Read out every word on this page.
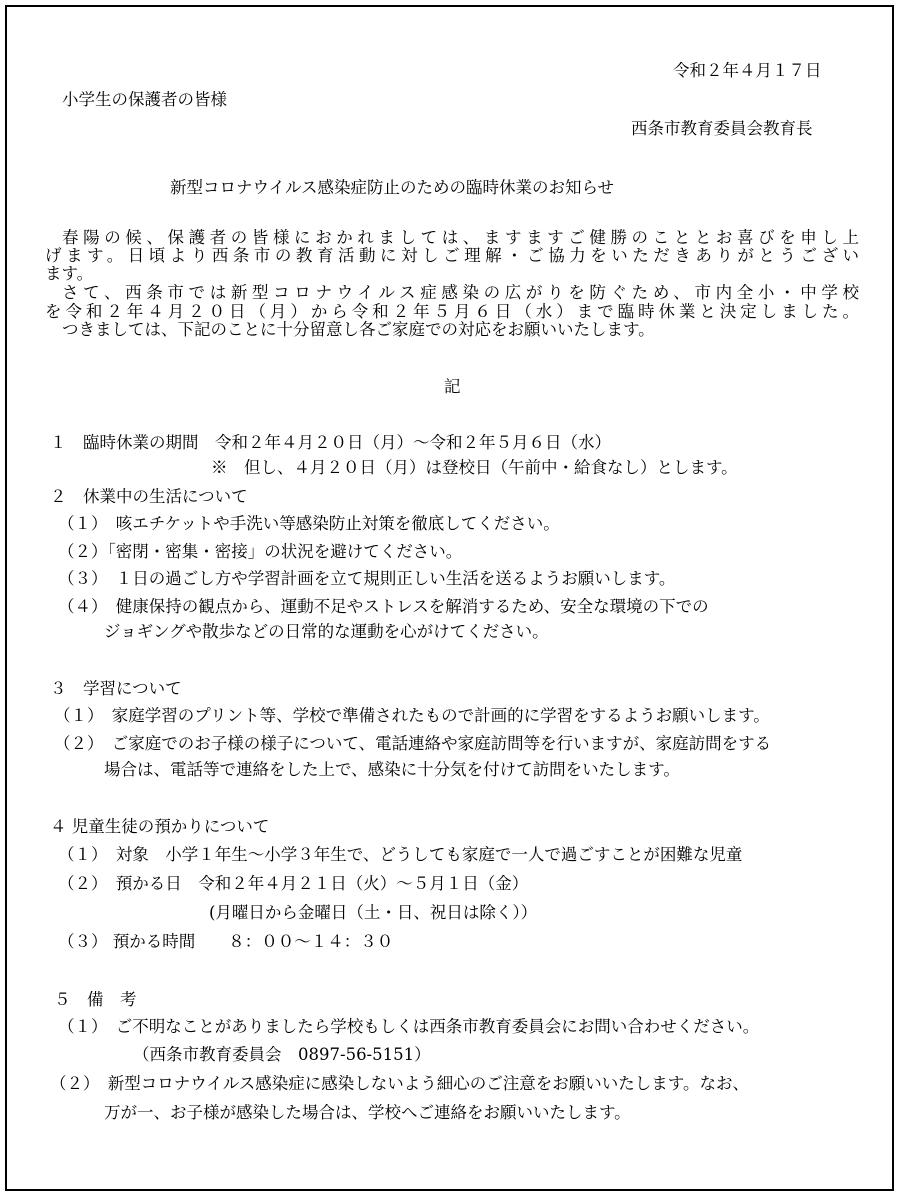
令和２年４月１７日
小学生の保護者の皆様
西条市教育委員会教育長
新型コロナウイルス感染症防止のための臨時休業のお知らせ
春陽の候、保護者の皆様におかれましては、ますますご健勝のこととお喜びを申し上
げます。日頃より西条市の教育活動に対しご理解・ご協力をいただきありがとうござい
ます。
さて、西条市では新型コロナウイルス症感染の広がりを防ぐため、市内全小・中学校
を令和２年４月２０日（月）から令和２年５月６日（水）まで臨時休業と決定しました。
つきましては、下記のことに十分留意し各ご家庭での対応をお願いいたします。
記
１　臨時休業の期間　令和２年４月２０日（月）～令和２年５月６日（水）
※　但し、４月２０日（月）は登校日（午前中・給食なし）とします。
２　休業中の生活について
（１）　咳エチケットや手洗い等感染防止対策を徹底してください。
（２）「密閉・密集・密接」の状況を避けてください。
（３）　１日の過ごし方や学習計画を立て規則正しい生活を送るようお願いします。
（４）　健康保持の観点から、運動不足やストレスを解消するため、安全な環境の下での
ジョギングや散歩などの日常的な運動を心がけてください。
３　学習について
（１）　家庭学習のプリント等、学校で準備されたもので計画的に学習をするようお願いします。
（２）　ご家庭でのお子様の様子について、電話連絡や家庭訪問等を行いますが、家庭訪問をする
場合は、電話等で連絡をした上で、感染に十分気を付けて訪問をいたします。
４ 児童生徒の預かりについて
（１）　対象　小学１年生～小学３年生で、どうしても家庭で一人で過ごすことが困難な児童
（２）　預かる日　令和２年４月２１日（火）～５月１日（金）
(月曜日から金曜日（土・日、祝日は除く））
（３） 預かる時間　　８：００～１４：３０
５　備　考
（１）　ご不明なことがありましたら学校もしくは西条市教育委員会にお問い合わせください。
（西条市教育委員会　0897-56-5151）
（２）　新型コロナウイルス感染症に感染しないよう細心のご注意をお願いいたします。なお、
万が一、お子様が感染した場合は、学校へご連絡をお願いいたします。
